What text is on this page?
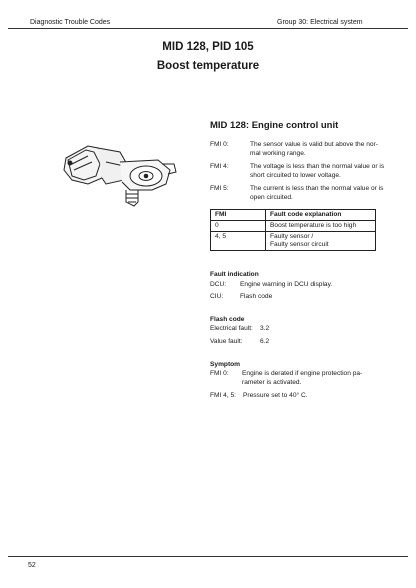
Diagnostic Trouble Codes	Group 30: Electrical system
MID 128, PID 105
Boost temperature
MID 128: Engine control unit
FMI 0:	The sensor value is valid but above the nor-mal working range.
FMI 4:	The voltage is less than the normal value or is short circuited to lower voltage.
FMI 5:	The current is less than the normal value or is open circuited.
FMI	Fault code explanation
0	Boost temperature is too high
4, 5	Faulty sensor /
Faulty sensor circuit
Fault indication
DCU: Engine warning in DCU display.
CIU:	Flash code
Flash code
Electrical fault: 3.2
Value fault:	6.2
Symptom
FMI 0: Engine is derated if engine protection pa-rameter is activated.
FMI 4, 5: Pressure set to 40° C.
52
